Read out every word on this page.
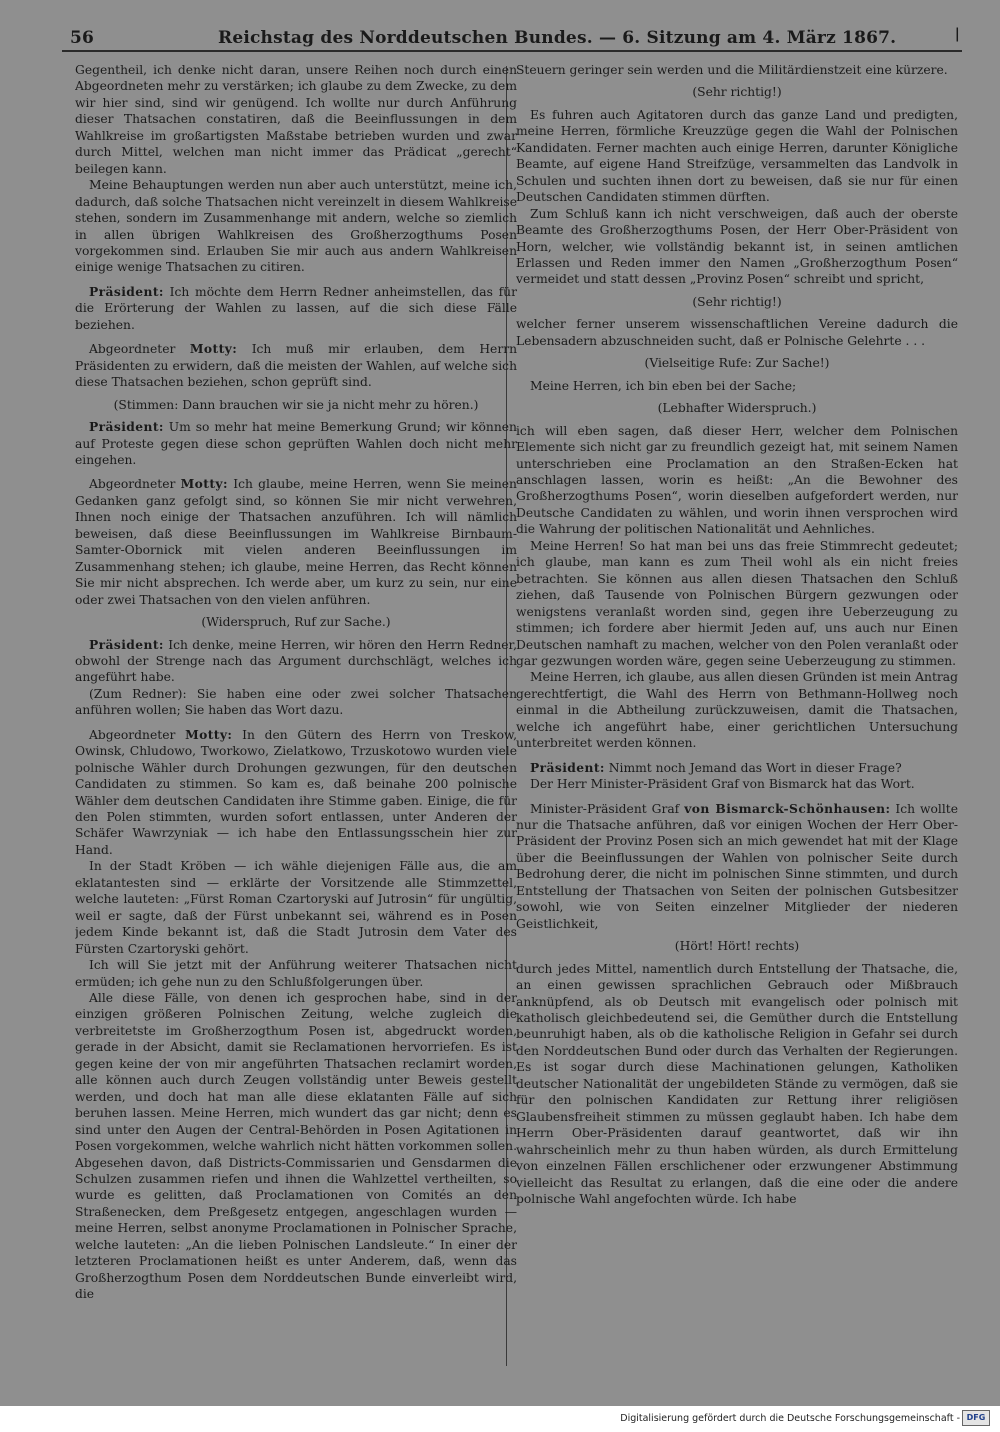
56	Reichstag des Norddeutschen Bundes. — 6. Sitzung am 4. März 1867.	|

Gegentheil, ich denke nicht daran, unsere Reihen noch durch einen Abgeordneten mehr zu verstärken; ich glaube zu dem Zwecke, zu dem wir hier sind, sind wir genügend. Ich wollte nur durch Anführung dieser Thatsachen constatiren, daß die Beeinflussungen in dem Wahlkreise im großartigsten Maßstabe betrieben wurden und zwar durch Mittel, welchen man nicht immer das Prädicat „gerecht“ beilegen kann.

Meine Behauptungen werden nun aber auch unterstützt, meine ich, dadurch, daß solche Thatsachen nicht vereinzelt in diesem Wahlkreise stehen, sondern im Zusammenhange mit andern, welche so ziemlich in allen übrigen Wahlkreisen des Großherzogthums Posen vorgekommen sind. Erlauben Sie mir auch aus andern Wahlkreisen einige wenige Thatsachen zu citiren.

Präsident: Ich möchte dem Herrn Redner anheimstellen, das für die Erörterung der Wahlen zu lassen, auf die sich diese Fälle beziehen.

Abgeordneter Motty: Ich muß mir erlauben, dem Herrn Präsidenten zu erwidern, daß die meisten der Wahlen, auf welche sich diese Thatsachen beziehen, schon geprüft sind.

(Stimmen: Dann brauchen wir sie ja nicht mehr zu hören.)

Präsident: Um so mehr hat meine Bemerkung Grund; wir können auf Proteste gegen diese schon geprüften Wahlen doch nicht mehr eingehen.

Abgeordneter Motty: Ich glaube, meine Herren, wenn Sie meinen Gedanken ganz gefolgt sind, so können Sie mir nicht verwehren, Ihnen noch einige der Thatsachen anzuführen. Ich will nämlich beweisen, daß diese Beeinflussungen im Wahlkreise Birnbaum-Samter-Obornick mit vielen anderen Beeinflussungen im Zusammenhang stehen; ich glaube, meine Herren, das Recht können Sie mir nicht absprechen. Ich werde aber, um kurz zu sein, nur eine oder zwei Thatsachen von den vielen anführen.

(Widerspruch, Ruf zur Sache.)

Präsident: Ich denke, meine Herren, wir hören den Herrn Redner, obwohl der Strenge nach das Argument durchschlägt, welches ich angeführt habe.

(Zum Redner): Sie haben eine oder zwei solcher Thatsachen anführen wollen; Sie haben das Wort dazu.

Abgeordneter Motty: In den Gütern des Herrn von Treskow, Owinsk, Chludowo, Tworkowo, Zielatkowo, Trzuskotowo wurden viele polnische Wähler durch Drohungen gezwungen, für den deutschen Candidaten zu stimmen. So kam es, daß beinahe 200 polnische Wähler dem deutschen Candidaten ihre Stimme gaben. Einige, die für den Polen stimmten, wurden sofort entlassen, unter Anderen der Schäfer Wawrzyniak — ich habe den Entlassungsschein hier zur Hand.

In der Stadt Kröben — ich wähle diejenigen Fälle aus, die am eklatantesten sind — erklärte der Vorsitzende alle Stimmzettel, welche lauteten: „Fürst Roman Czartoryski auf Jutrosin“ für ungültig, weil er sagte, daß der Fürst unbekannt sei, während es in Posen jedem Kinde bekannt ist, daß die Stadt Jutrosin dem Vater des Fürsten Czartoryski gehört.

Ich will Sie jetzt mit der Anführung weiterer Thatsachen nicht ermüden; ich gehe nun zu den Schlußfolgerungen über.

Alle diese Fälle, von denen ich gesprochen habe, sind in der einzigen größeren Polnischen Zeitung, welche zugleich die verbreitetste im Großherzogthum Posen ist, abgedruckt worden, gerade in der Absicht, damit sie Reclamationen hervorriefen. Es ist gegen keine der von mir angeführten Thatsachen reclamirt worden, alle können auch durch Zeugen vollständig unter Beweis gestellt werden, und doch hat man alle diese eklatanten Fälle auf sich beruhen lassen. Meine Herren, mich wundert das gar nicht; denn es sind unter den Augen der Central-Behörden in Posen Agitationen in Posen vorgekommen, welche wahrlich nicht hätten vorkommen sollen. Abgesehen davon, daß Districts-Commissarien und Gensdarmen die Schulzen zusammen riefen und ihnen die Wahlzettel vertheilten, so wurde es gelitten, daß Proclamationen von Comités an den Straßenecken, dem Preßgesetz entgegen, angeschlagen wurden — meine Herren, selbst anonyme Proclamationen in Polnischer Sprache, welche lauteten: „An die lieben Polnischen Landsleute.“ In einer der letzteren Proclamationen heißt es unter Anderem, daß, wenn das Großherzogthum Posen dem Norddeutschen Bunde einverleibt wird, die

Steuern geringer sein werden und die Militärdienstzeit eine kürzere.

(Sehr richtig!)

Es fuhren auch Agitatoren durch das ganze Land und predigten, meine Herren, förmliche Kreuzzüge gegen die Wahl der Polnischen Kandidaten. Ferner machten auch einige Herren, darunter Königliche Beamte, auf eigene Hand Streifzüge, versammelten das Landvolk in Schulen und suchten ihnen dort zu beweisen, daß sie nur für einen Deutschen Candidaten stimmen dürften.

Zum Schluß kann ich nicht verschweigen, daß auch der oberste Beamte des Großherzogthums Posen, der Herr Ober-Präsident von Horn, welcher, wie vollständig bekannt ist, in seinen amtlichen Erlassen und Reden immer den Namen „Großherzogthum Posen“ vermeidet und statt dessen „Provinz Posen“ schreibt und spricht,

(Sehr richtig!)

welcher ferner unserem wissenschaftlichen Vereine dadurch die Lebensadern abzuschneiden sucht, daß er Polnische Gelehrte . . .

(Vielseitige Rufe: Zur Sache!)

Meine Herren, ich bin eben bei der Sache;

(Lebhafter Widerspruch.)

ich will eben sagen, daß dieser Herr, welcher dem Polnischen Elemente sich nicht gar zu freundlich gezeigt hat, mit seinem Namen unterschrieben eine Proclamation an den Straßen-Ecken hat anschlagen lassen, worin es heißt: „An die Bewohner des Großherzogthums Posen“, worin dieselben aufgefordert werden, nur Deutsche Candidaten zu wählen, und worin ihnen versprochen wird die Wahrung der politischen Nationalität und Aehnliches.

Meine Herren! So hat man bei uns das freie Stimmrecht gedeutet; ich glaube, man kann es zum Theil wohl als ein nicht freies betrachten. Sie können aus allen diesen Thatsachen den Schluß ziehen, daß Tausende von Polnischen Bürgern gezwungen oder wenigstens veranlaßt worden sind, gegen ihre Ueberzeugung zu stimmen; ich fordere aber hiermit Jeden auf, uns auch nur Einen Deutschen namhaft zu machen, welcher von den Polen veranlaßt oder gar gezwungen worden wäre, gegen seine Ueberzeugung zu stimmen.

Meine Herren, ich glaube, aus allen diesen Gründen ist mein Antrag gerechtfertigt, die Wahl des Herrn von Bethmann-Hollweg noch einmal in die Abtheilung zurückzuweisen, damit die Thatsachen, welche ich angeführt habe, einer gerichtlichen Untersuchung unterbreitet werden können.

Präsident: Nimmt noch Jemand das Wort in dieser Frage?

Der Herr Minister-Präsident Graf von Bismarck hat das Wort.

Minister-Präsident Graf von Bismarck-Schönhausen: Ich wollte nur die Thatsache anführen, daß vor einigen Wochen der Herr Ober-Präsident der Provinz Posen sich an mich gewendet hat mit der Klage über die Beeinflussungen der Wahlen von polnischer Seite durch Bedrohung derer, die nicht im polnischen Sinne stimmten, und durch Entstellung der Thatsachen von Seiten der polnischen Gutsbesitzer sowohl, wie von Seiten einzelner Mitglieder der niederen Geistlichkeit,

(Hört! Hört! rechts)

durch jedes Mittel, namentlich durch Entstellung der Thatsache, die, an einen gewissen sprachlichen Gebrauch oder Mißbrauch anknüpfend, als ob Deutsch mit evangelisch oder polnisch mit katholisch gleichbedeutend sei, die Gemüther durch die Entstellung beunruhigt haben, als ob die katholische Religion in Gefahr sei durch den Norddeutschen Bund oder durch das Verhalten der Regierungen. Es ist sogar durch diese Machinationen gelungen, Katholiken deutscher Nationalität der ungebildeten Stände zu vermögen, daß sie für den polnischen Kandidaten zur Rettung ihrer religiösen Glaubensfreiheit stimmen zu müssen geglaubt haben. Ich habe dem Herrn Ober-Präsidenten darauf geantwortet, daß wir ihn wahrscheinlich mehr zu thun haben würden, als durch Ermittelung von einzelnen Fällen erschlichener oder erzwungener Abstimmung vielleicht das Resultat zu erlangen, daß die eine oder die andere polnische Wahl angefochten würde. Ich habe

Digitalisierung gefördert durch die Deutsche Forschungsgemeinschaft - DFG
